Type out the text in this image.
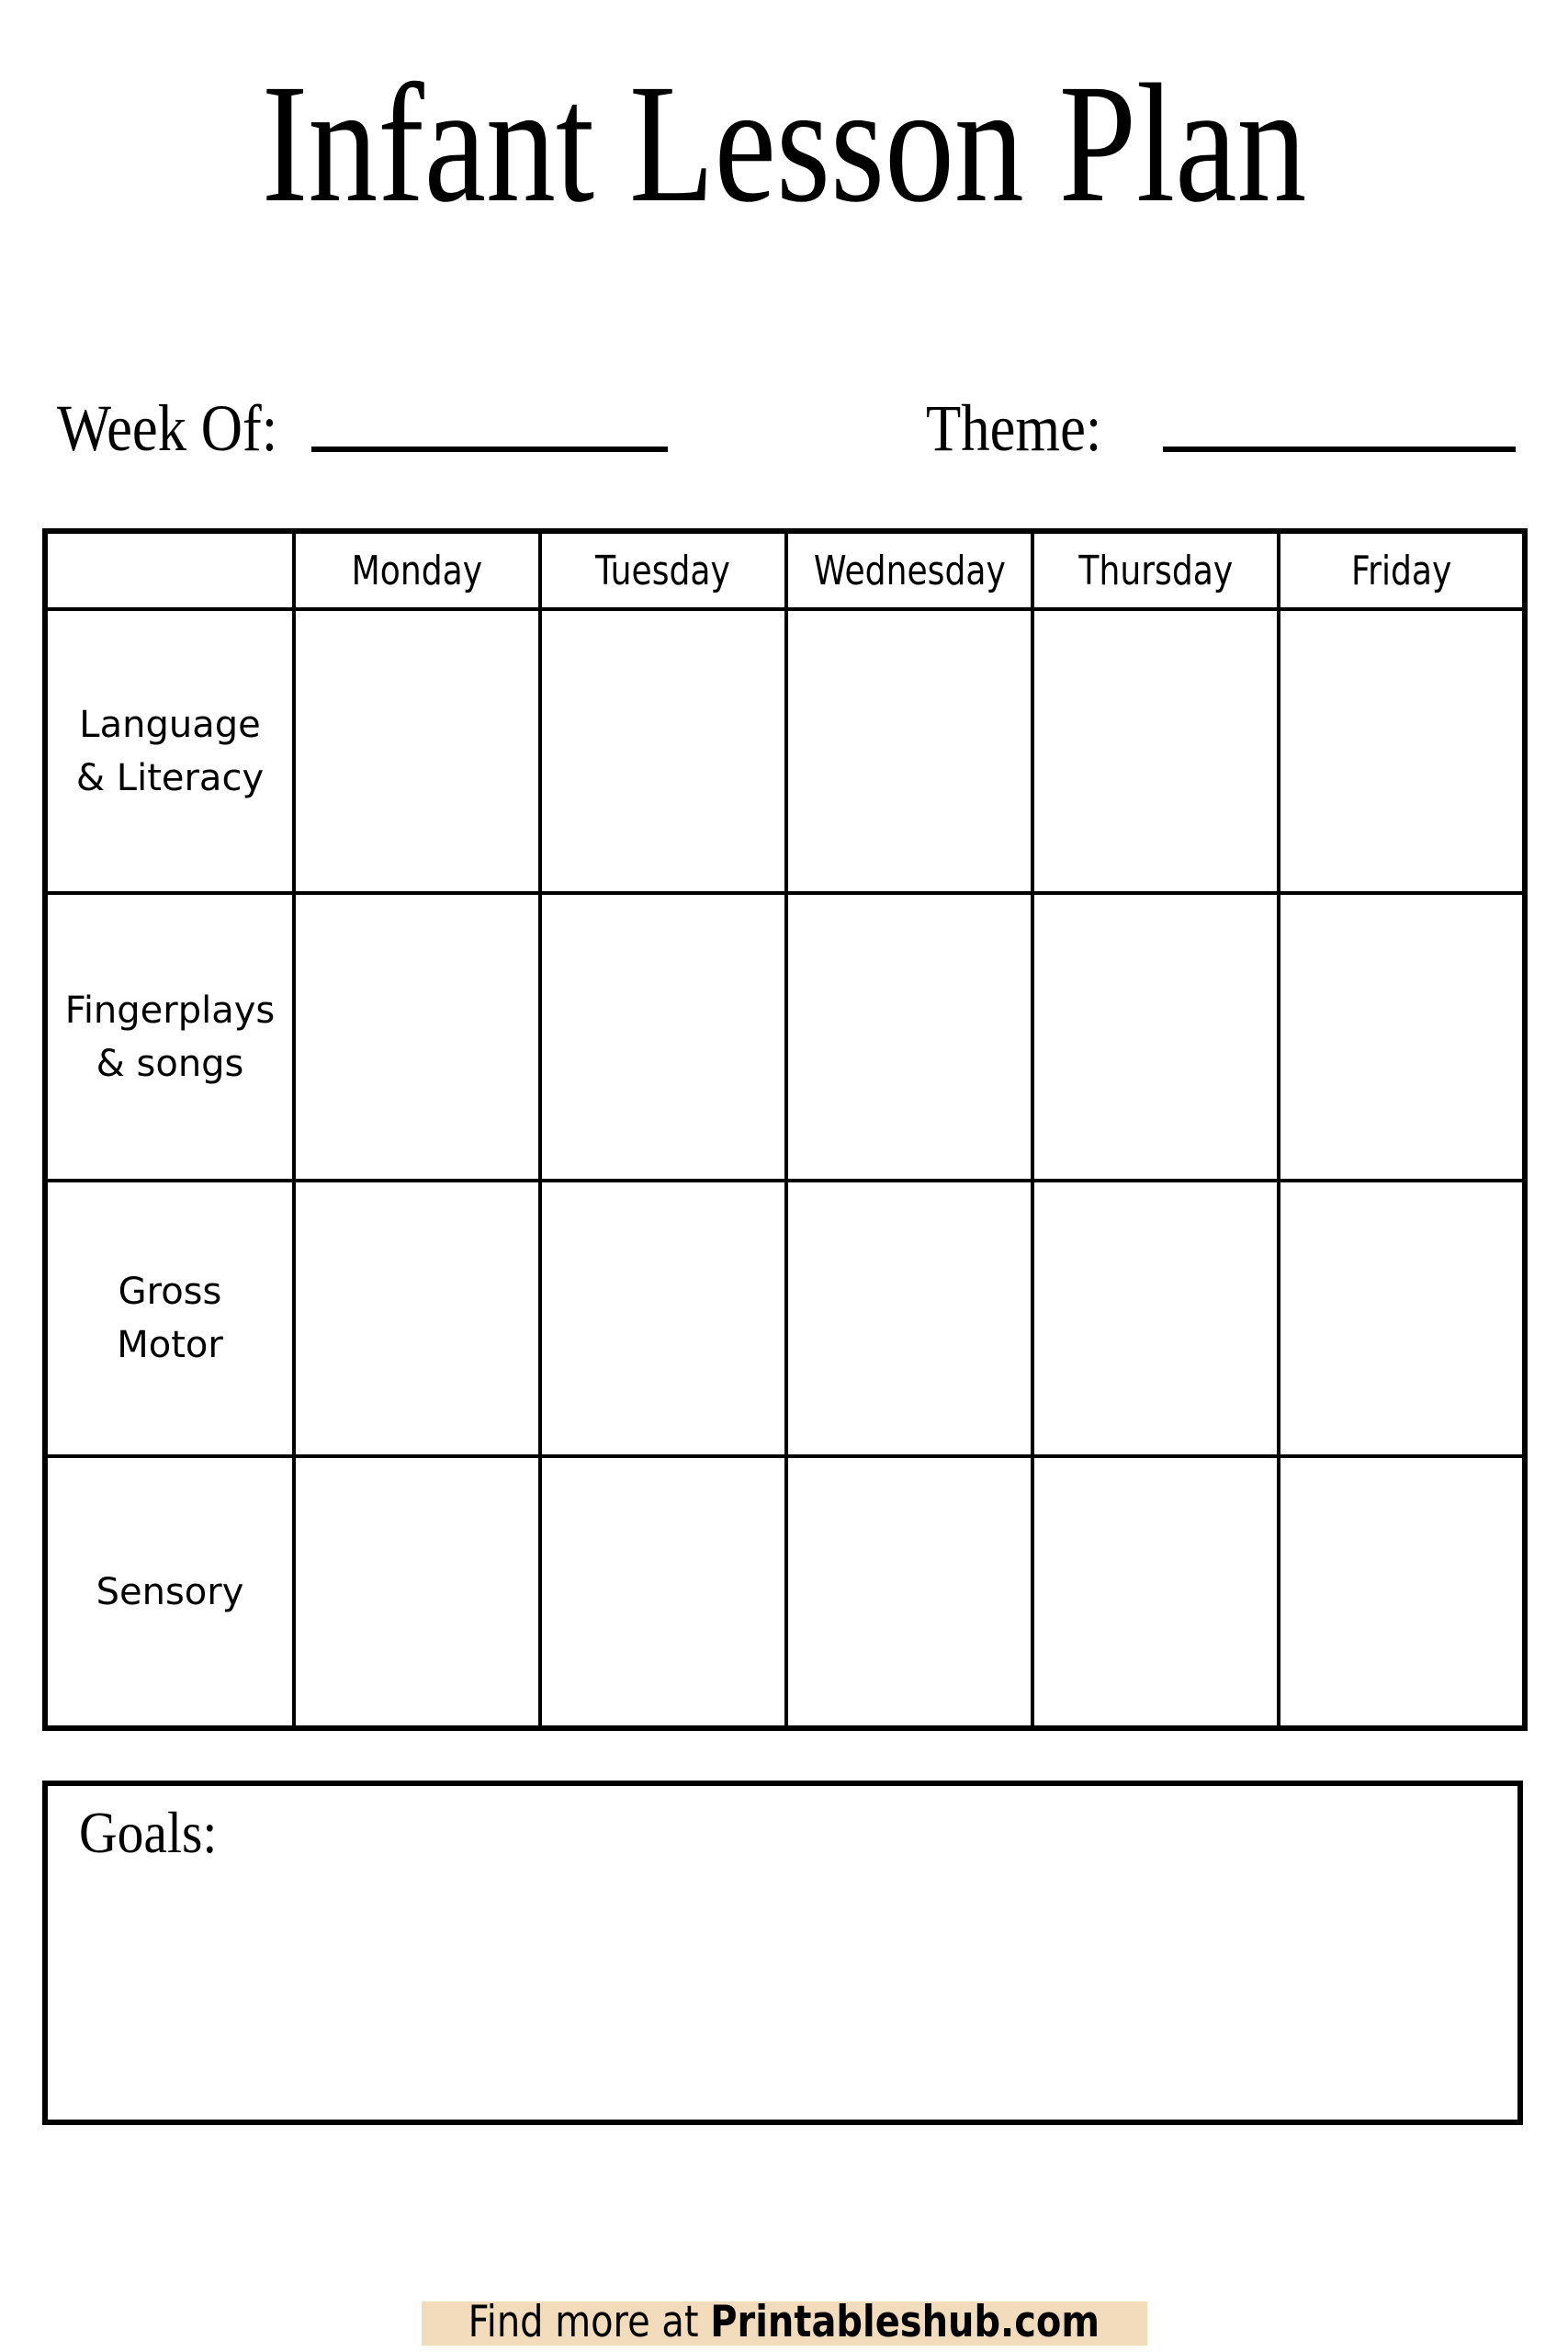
Infant Lesson Plan
Week Of:	Theme:
	Monday	Tuesday	Wednesday	Thursday	Friday

Language
& Literacy					

Fingerplays
& songs					

Gross
Motor					

Sensory					

Goals:
Find more at Printableshub.com
